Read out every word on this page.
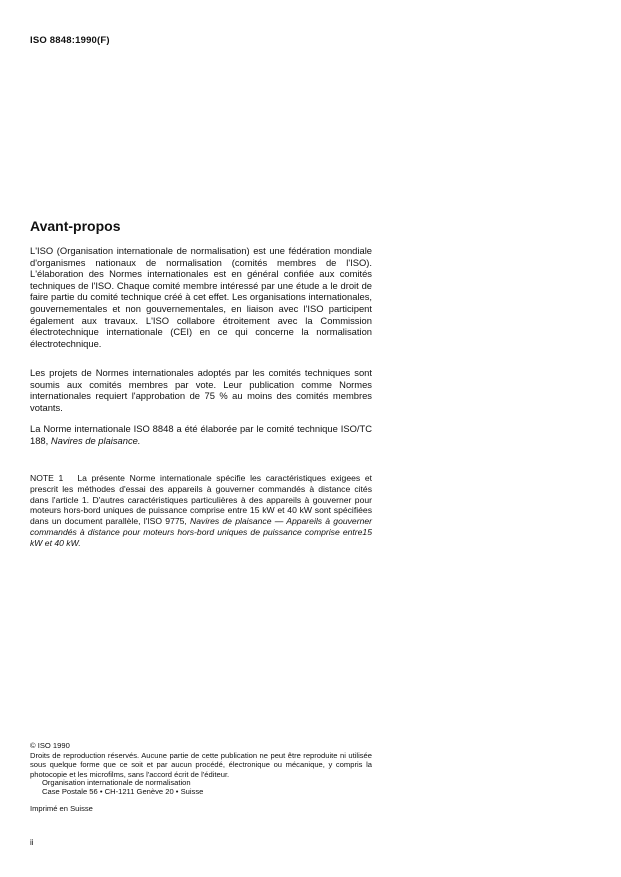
ISO 8848:1990(F)
Avant-propos

L'ISO (Organisation internationale de normalisation) est une fédération mondiale d'organismes nationaux de normalisation (comités membres de l'ISO). L'élaboration des Normes internationales est en général confiée aux comités techniques de l'ISO. Chaque comité membre intéressé par une étude a le droit de faire partie du comité technique créé à cet effet. Les organisations internationales, gouvernementales et non gouvernementales, en liaison avec l'ISO participent également aux travaux. L'ISO collabore étroitement avec la Commission électrotechnique internationale (CEI) en ce qui concerne la normalisation électrotechnique.

Les projets de Normes internationales adoptés par les comités techniques sont soumis aux comités membres par vote. Leur publication comme Normes internationales requiert l'approbation de 75 % au moins des comités membres votants.

La Norme internationale ISO 8848 a été élaborée par le comité technique ISO/TC 188, Navires de plaisance.

NOTE 1 La présente Norme internationale spécifie les caractéristiques exigees et prescrit les méthodes d'essai des appareils à gouverner commandés à distance cités dans l'article 1. D'autres caractéristiques particulières à des appareils à gouverner pour moteurs hors-bord uniques de puissance comprise entre 15 kW et 40 kW sont spécifiées dans un document parallèle, l'ISO 9775, Navires de plaisance — Appareils à gouverner commandés à distance pour moteurs hors-bord uniques de puissance comprise entre15 kW et 40 kW.

© ISO 1990

Droits de reproduction réservés. Aucune partie de cette publication ne peut être reproduite ni utilisée sous quelque forme que ce soit et par aucun procédé, électronique ou mécanique, y compris la photocopie et les microfilms, sans l'accord écrit de l'éditeur.

Organisation internationale de normalisation
Case Postale 56 • CH-1211 Genève 20 • Suisse
Imprimé en Suisse
ii
